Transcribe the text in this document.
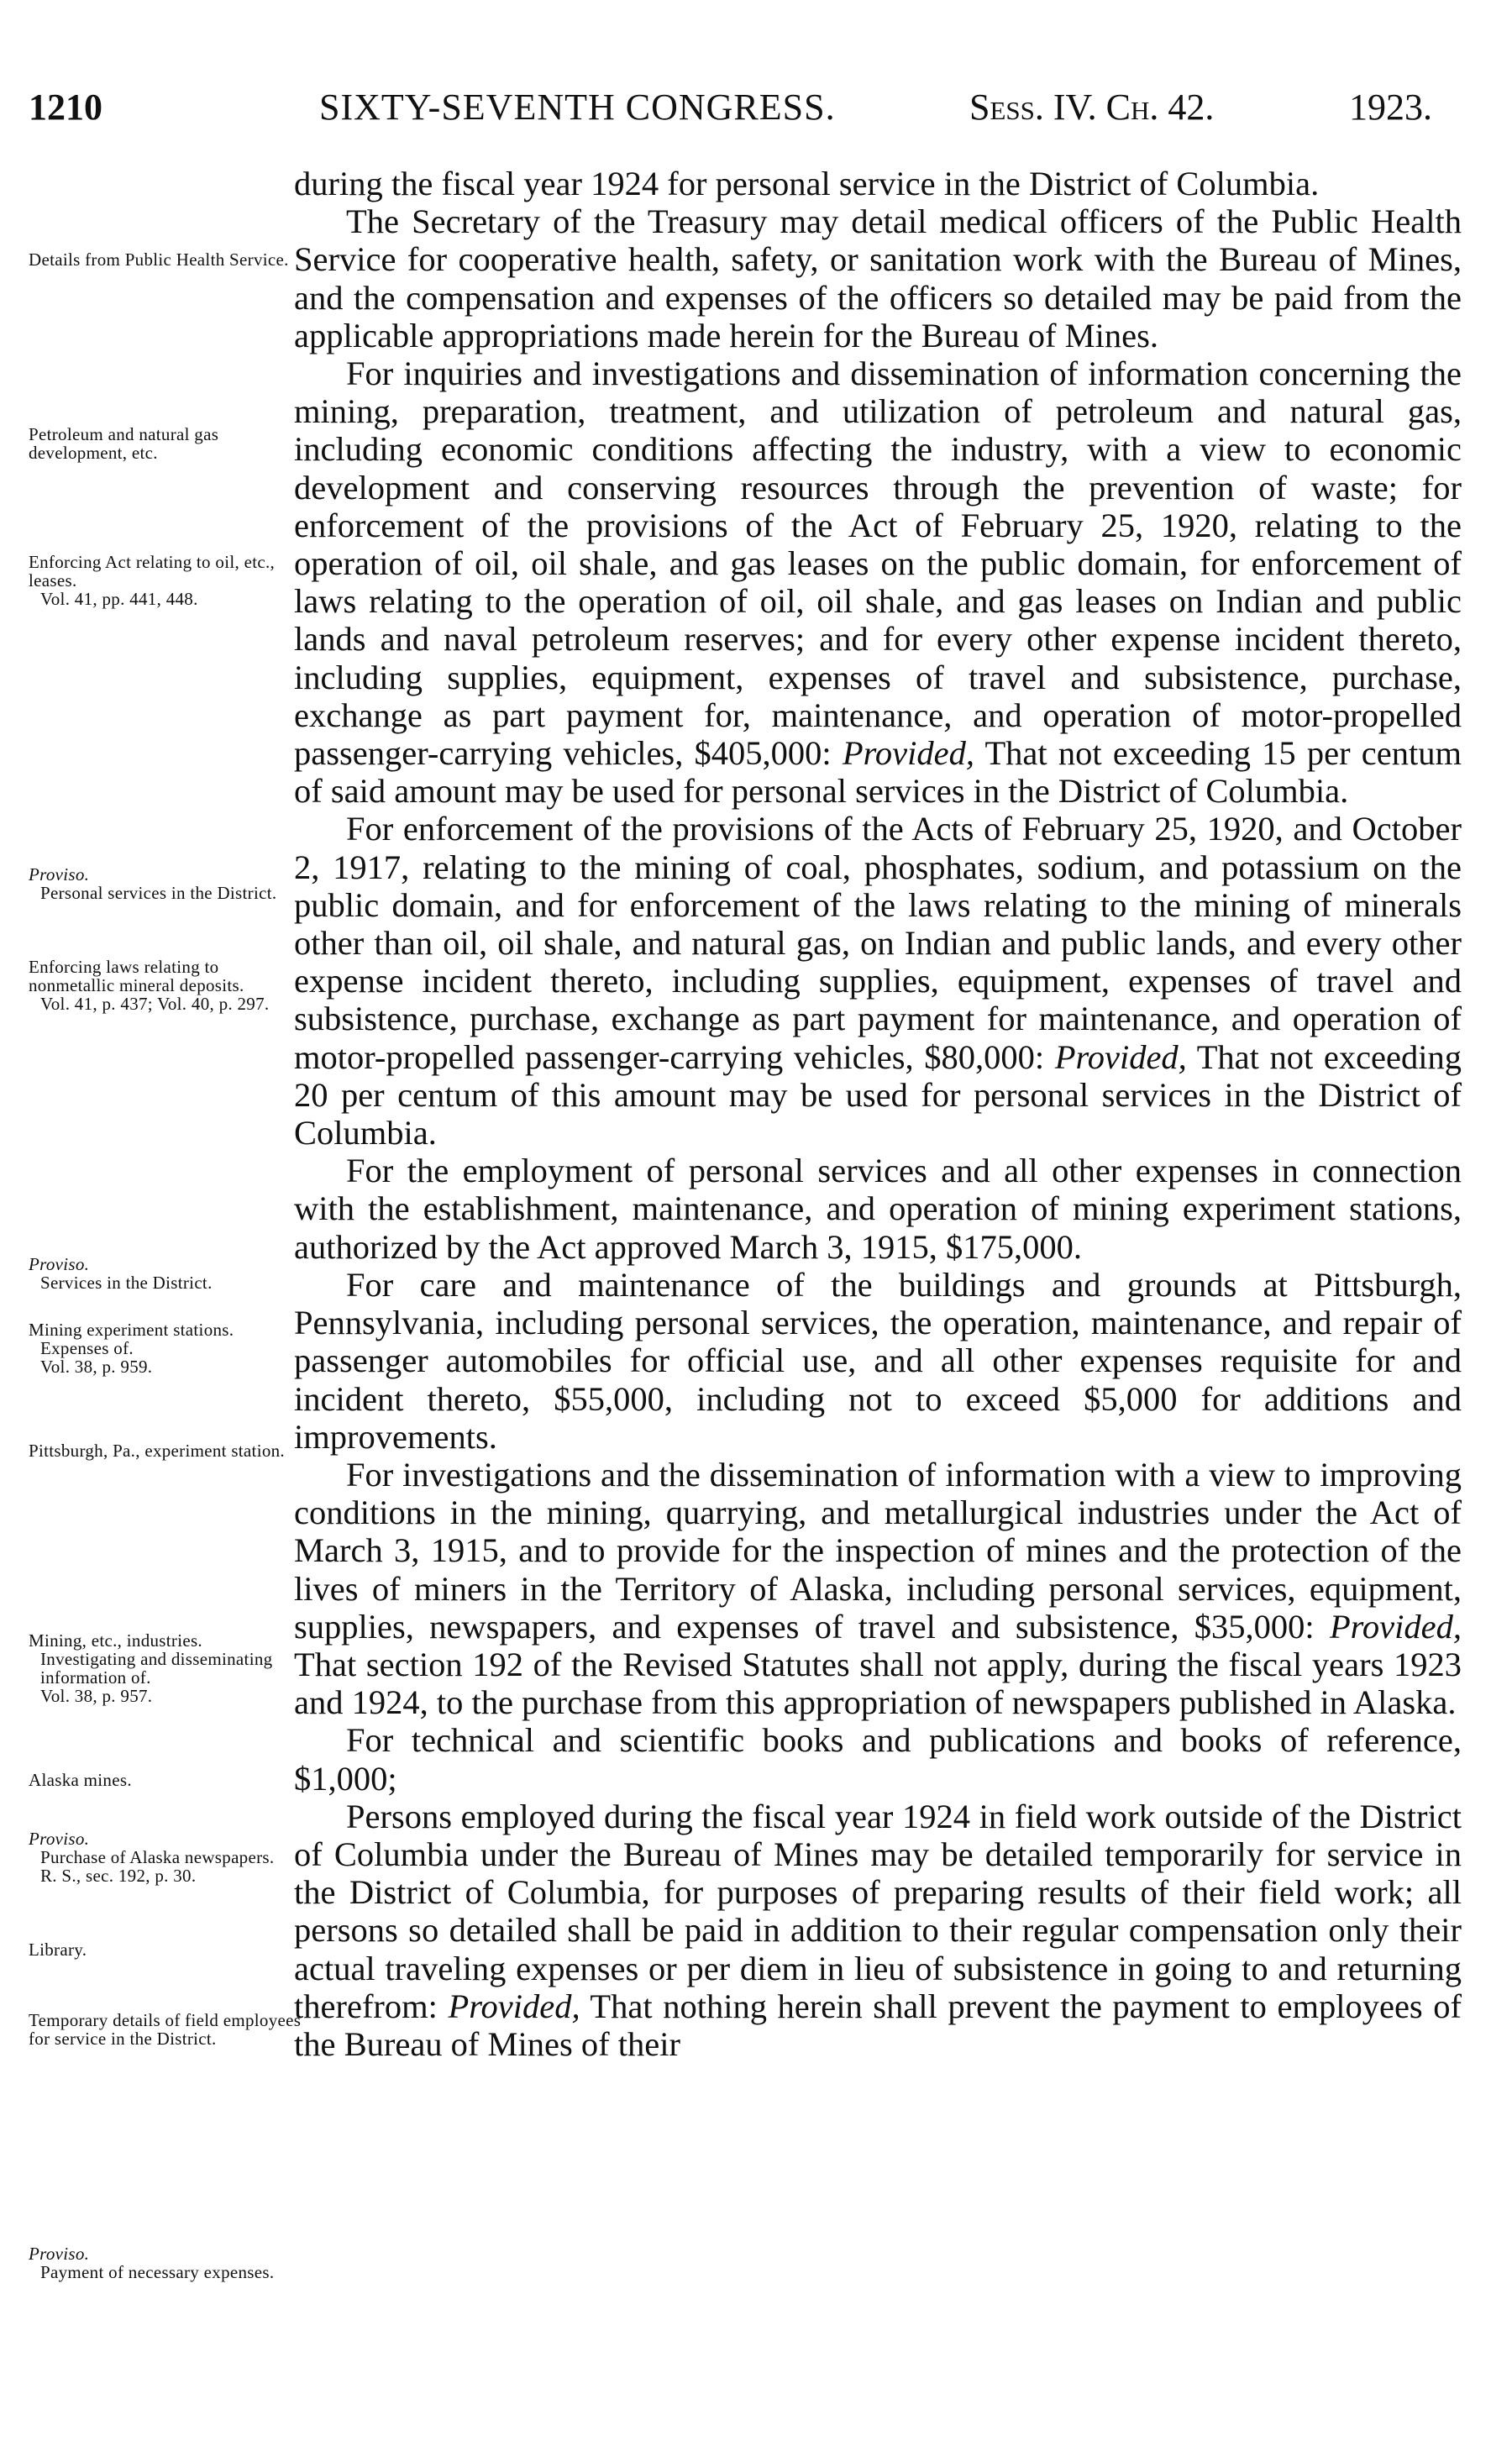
1210	SIXTY-SEVENTH CONGRESS.	Sess. IV. Ch. 42.	1923.
Details from Public Health Service.
Petroleum and natural gas development, etc.
Enforcing Act relating to oil, etc., leases.
Vol. 41, pp. 441, 448.
Proviso.
Personal services in the District.
Enforcing laws relating to nonmetallic mineral deposits.
Vol. 41, p. 437; Vol. 40, p. 297.
Proviso.
Services in the District.
Mining experiment stations.
Expenses of.
Vol. 38, p. 959.
Pittsburgh, Pa., experiment station.
Mining, etc., industries.
Investigating and disseminating information of.
Vol. 38, p. 957.
Alaska mines.
Proviso.
Purchase of Alaska newspapers.
R. S., sec. 192, p. 30.
Library.
Temporary details of field employees for service in the District.
Proviso.
Payment of necessary expenses.

during the fiscal year 1924 for personal service in the District of Columbia.

The Secretary of the Treasury may detail medical officers of the Public Health Service for cooperative health, safety, or sanitation work with the Bureau of Mines, and the compensation and expenses of the officers so detailed may be paid from the applicable appropriations made herein for the Bureau of Mines.

For inquiries and investigations and dissemination of information concerning the mining, preparation, treatment, and utilization of petroleum and natural gas, including economic conditions affecting the industry, with a view to economic development and conserving resources through the prevention of waste; for enforcement of the provisions of the Act of February 25, 1920, relating to the operation of oil, oil shale, and gas leases on the public domain, for enforcement of laws relating to the operation of oil, oil shale, and gas leases on Indian and public lands and naval petroleum reserves; and for every other expense incident thereto, including supplies, equipment, expenses of travel and subsistence, purchase, exchange as part payment for, maintenance, and operation of motor-propelled passenger-carrying vehicles, $405,000: Provided, That not exceeding 15 per centum of said amount may be used for personal services in the District of Columbia.

For enforcement of the provisions of the Acts of February 25, 1920, and October 2, 1917, relating to the mining of coal, phosphates, sodium, and potassium on the public domain, and for enforcement of the laws relating to the mining of minerals other than oil, oil shale, and natural gas, on Indian and public lands, and every other expense incident thereto, including supplies, equipment, expenses of travel and subsistence, purchase, exchange as part payment for maintenance, and operation of motor-propelled passenger-carrying vehicles, $80,000: Provided, That not exceeding 20 per centum of this amount may be used for personal services in the District of Columbia.

For the employment of personal services and all other expenses in connection with the establishment, maintenance, and operation of mining experiment stations, authorized by the Act approved March 3, 1915, $175,000.

For care and maintenance of the buildings and grounds at Pittsburgh, Pennsylvania, including personal services, the operation, maintenance, and repair of passenger automobiles for official use, and all other expenses requisite for and incident thereto, $55,000, including not to exceed $5,000 for additions and improvements.

For investigations and the dissemination of information with a view to improving conditions in the mining, quarrying, and metallurgical industries under the Act of March 3, 1915, and to provide for the inspection of mines and the protection of the lives of miners in the Territory of Alaska, including personal services, equipment, supplies, newspapers, and expenses of travel and subsistence, $35,000: Provided, That section 192 of the Revised Statutes shall not apply, during the fiscal years 1923 and 1924, to the purchase from this appropriation of newspapers published in Alaska.

For technical and scientific books and publications and books of reference, $1,000;

Persons employed during the fiscal year 1924 in field work outside of the District of Columbia under the Bureau of Mines may be detailed temporarily for service in the District of Columbia, for purposes of preparing results of their field work; all persons so detailed shall be paid in addition to their regular compensation only their actual traveling expenses or per diem in lieu of subsistence in going to and returning therefrom: Provided, That nothing herein shall prevent the payment to employees of the Bureau of Mines of their
